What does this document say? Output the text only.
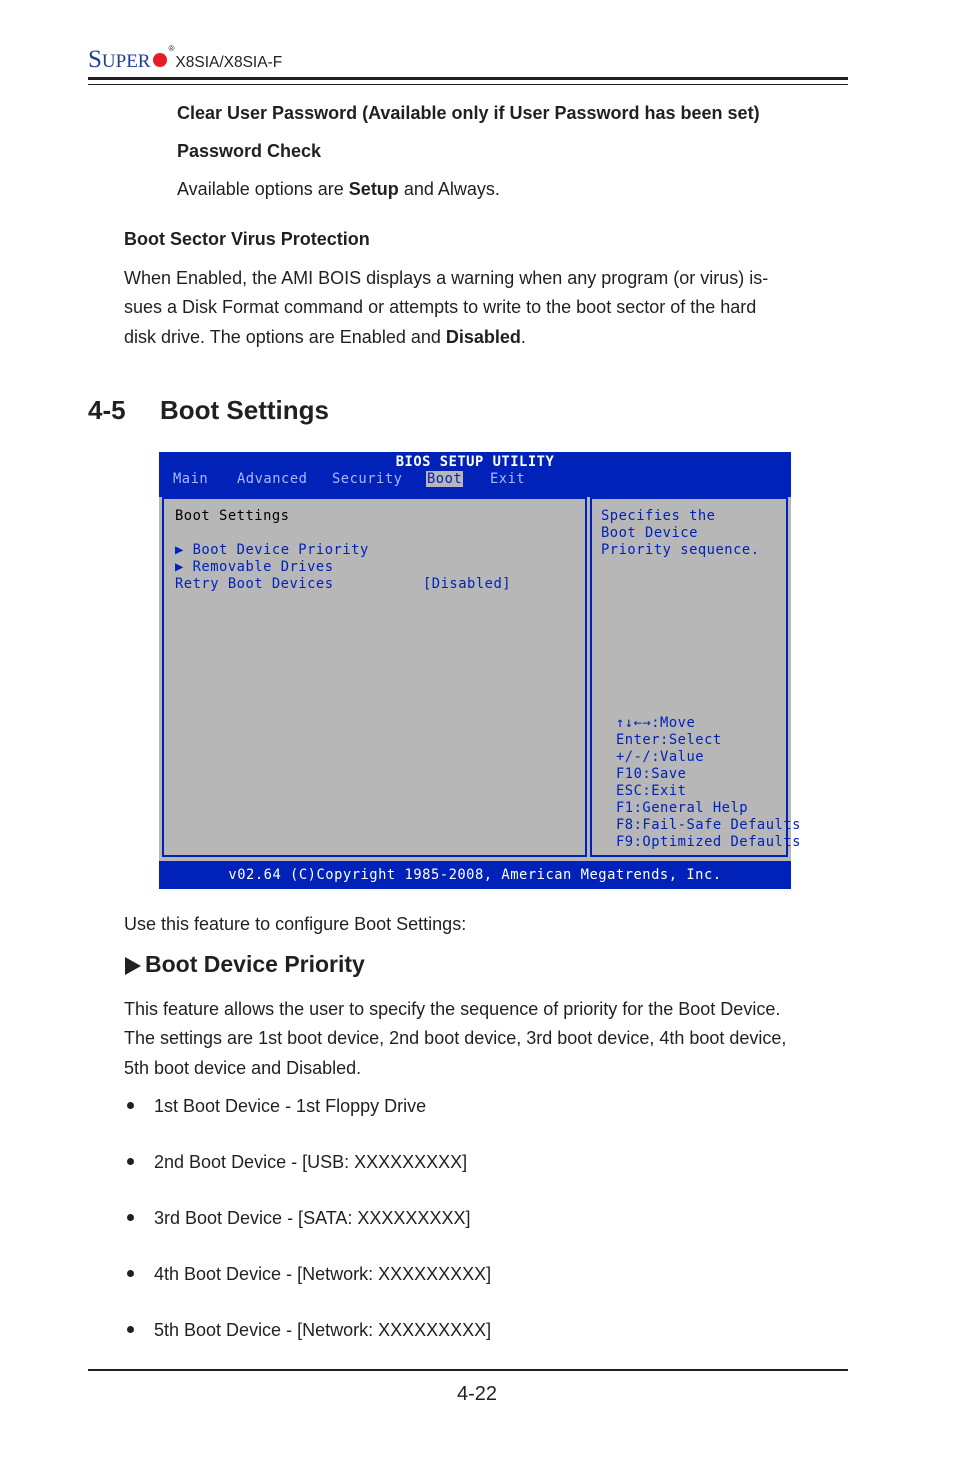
SUPER
®
X8SIA/X8SIA-F
Clear User Password (Available only if User Password has been set)
Password Check
Available options are Setup and Always.
Boot Sector Virus Protection
When Enabled, the AMI BOIS displays a warning when any program (or virus) is-
sues a Disk Format command or attempts to write to the boot sector of the hard
disk drive. The options are Enabled and Disabled.
4-5 Boot Settings
BIOS SETUP UTILITY
Main Advanced Security Boot Exit
Boot Settings
▶ Boot Device Priority
▶ Removable Drives
Retry Boot Devices	[Disabled]
Specifies the
Boot Device
Priority sequence.
↑↓←→:Move
Enter:Select
+/-/:Value
F10:Save
ESC:Exit
F1:General Help
F8:Fail-Safe Defaults
F9:Optimized Defaults
v02.64 (C)Copyright 1985-2008, American Megatrends, Inc.
Use this feature to configure Boot Settings:
Boot Device Priority
This feature allows the user to specify the sequence of priority for the Boot Device.
The settings are 1st boot device, 2nd boot device, 3rd boot device, 4th boot device,
5th boot device and Disabled.
1st Boot Device - 1st Floppy Drive
2nd Boot Device - [USB: XXXXXXXXX]
3rd Boot Device - [SATA: XXXXXXXXX]
4th Boot Device - [Network: XXXXXXXXX]
5th Boot Device - [Network: XXXXXXXXX]
4-22
